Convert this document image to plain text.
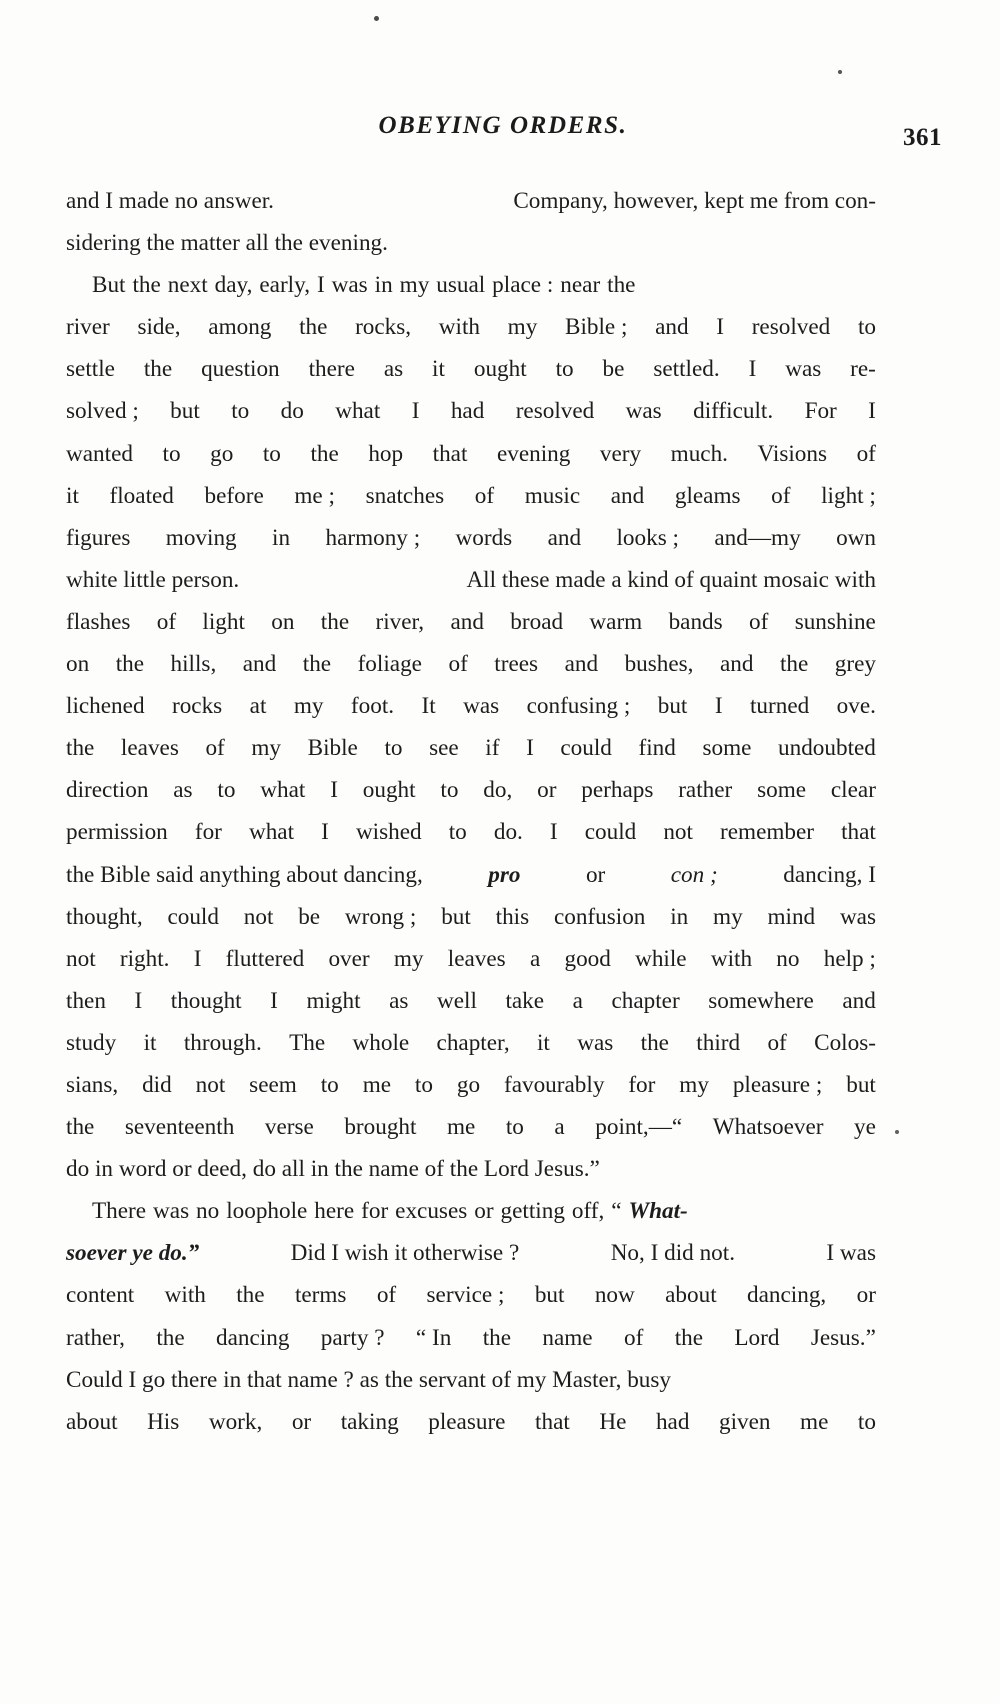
OBEYING ORDERS.	361
and I made no answer.	Company, however, kept me from con-
sidering the matter all the evening.
But the next day, early, I was in my usual place : near the
river side, among the rocks, with my Bible ; and I resolved to
settle the question there as it ought to be settled. I was re-
solved ; but to do what I had resolved was difficult. For I
wanted to go to the hop that evening very much. Visions of
it floated before me ; snatches of music and gleams of light ;
figures moving in harmony ; words and looks ; and—my own
white little person.	All these made a kind of quaint mosaic with
flashes of light on the river, and broad warm bands of sunshine
on the hills, and the foliage of trees and bushes, and the grey
lichened rocks at my foot. It was confusing ; but I turned ove.
the leaves of my Bible to see if I could find some undoubted
direction as to what I ought to do, or perhaps rather some clear
permission for what I wished to do. I could not remember that
the Bible said anything about dancing,	pro	or	con ;	dancing, I
thought, could not be wrong ; but this confusion in my mind was
not right. I fluttered over my leaves a good while with no help ;
then I thought I might as well take a chapter somewhere and
study it through. The whole chapter, it was the third of Colos-
sians, did not seem to me to go favourably for my pleasure ; but
the seventeenth verse brought me to a point,—“ Whatsoever ye
do in word or deed, do all in the name of the Lord Jesus.”
There was no loophole here for excuses or getting off, “ What-
soever ye do.”	Did I wish it otherwise ?	No, I did not.	I was
content with the terms of service ; but now about dancing, or
rather, the dancing party ? “ In the name of the Lord Jesus.”
Could I go there in that name ? as the servant of my Master, busy
about His work, or taking pleasure that He had given me to
